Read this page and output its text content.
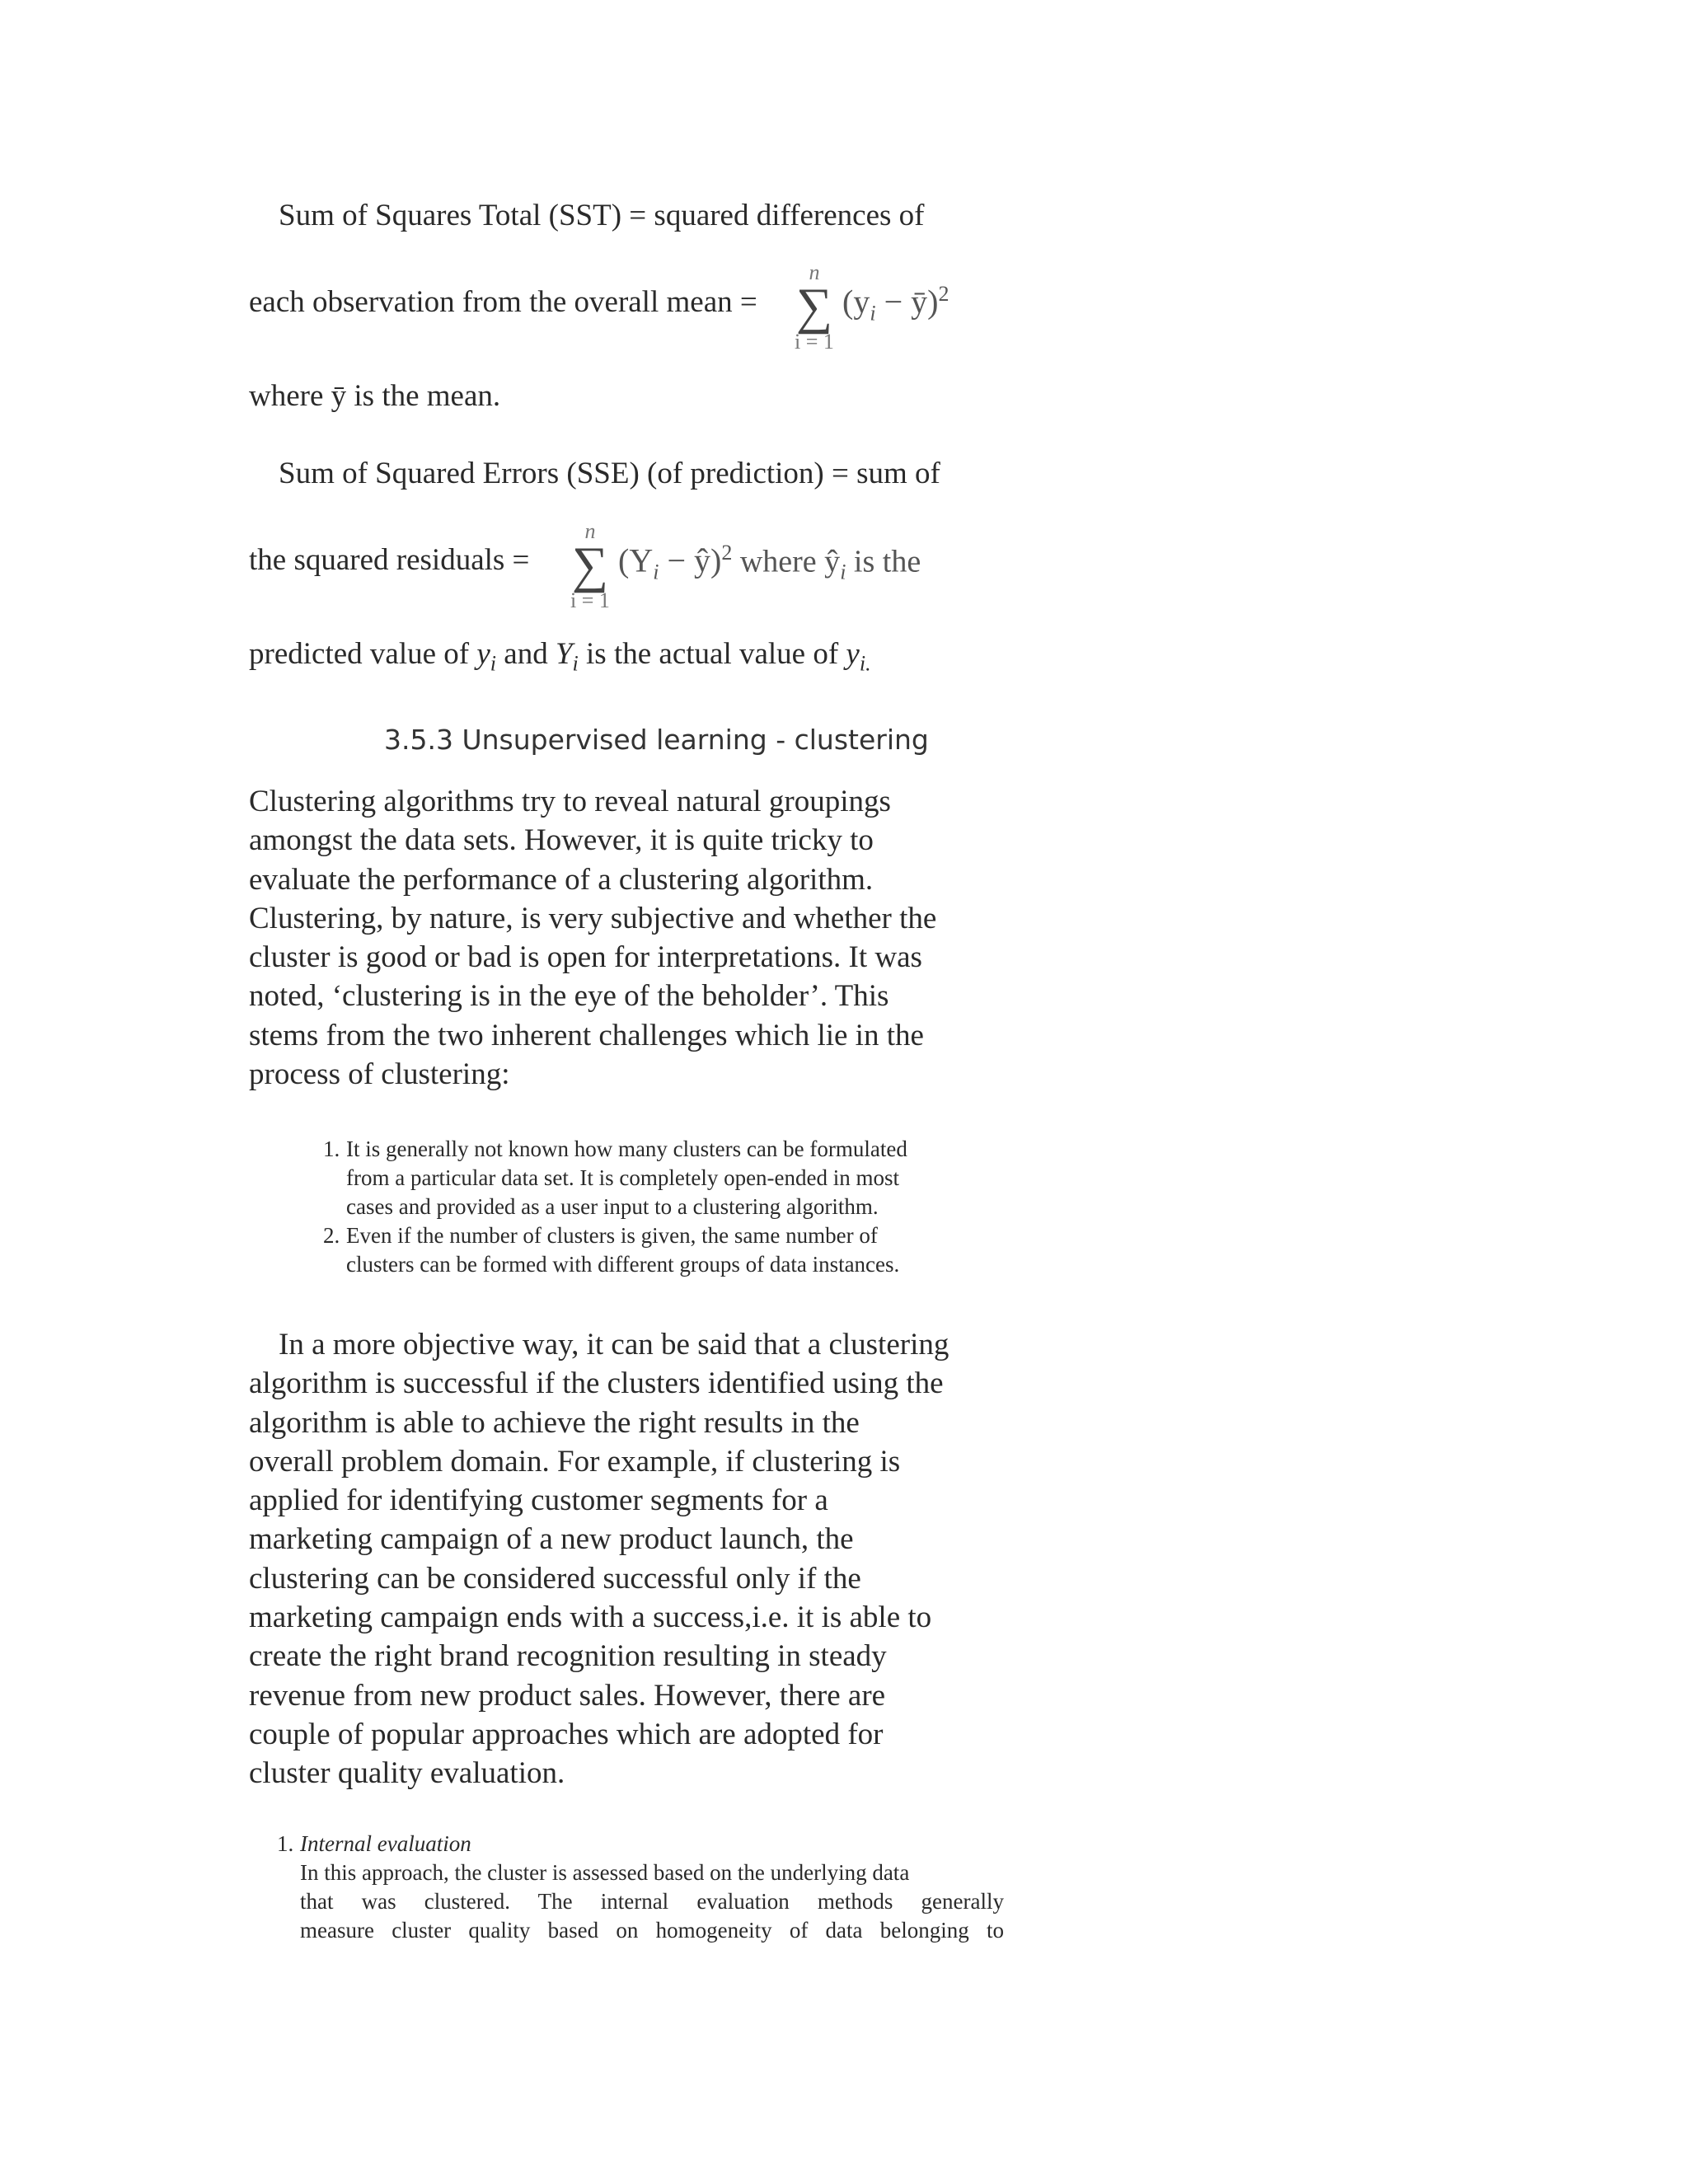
Sum of Squares Total (SST) = squared differences of
each observation from the overall mean =
n
∑
i = 1
($y_i$ − ȳ)$^2$
where ȳ is the mean.
Sum of Squared Errors (SSE) (of prediction) = sum of
the squared residuals =
n
∑
i = 1
($Y_i$ − ŷ)$^2$ where $ŷ_i$ is the
predicted value of $y_i$ and $Y_i$ is the actual value of $y_{i.}$
3.5.3 Unsupervised learning - clustering
Clustering algorithms try to reveal natural groupings
amongst the data sets. However, it is quite tricky to
evaluate the performance of a clustering algorithm.
Clustering, by nature, is very subjective and whether the
cluster is good or bad is open for interpretations. It was
noted, ‘clustering is in the eye of the beholder’. This
stems from the two inherent challenges which lie in the
process of clustering:
1. It is generally not known how many clusters can be formulated
from a particular data set. It is completely open-ended in most
cases and provided as a user input to a clustering algorithm.
2. Even if the number of clusters is given, the same number of
clusters can be formed with different groups of data instances.
In a more objective way, it can be said that a clustering
algorithm is successful if the clusters identified using the
algorithm is able to achieve the right results in the
overall problem domain. For example, if clustering is
applied for identifying customer segments for a
marketing campaign of a new product launch, the
clustering can be considered successful only if the
marketing campaign ends with a success,i.e. it is able to
create the right brand recognition resulting in steady
revenue from new product sales. However, there are
couple of popular approaches which are adopted for
cluster quality evaluation.
1. Internal evaluation
In this approach, the cluster is assessed based on the underlying data
that was clustered. The internal evaluation methods generally
measure cluster quality based on homogeneity of data belonging to
